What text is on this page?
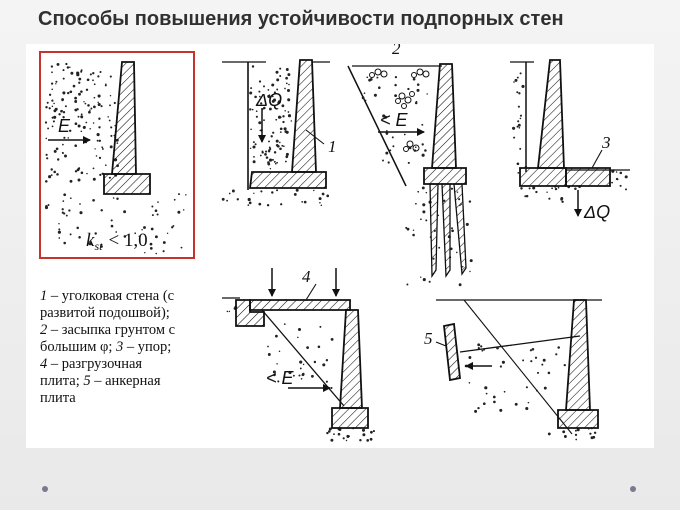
Способы повышения устойчивости подпорных стен
E
$k_{st} < 1,0$
ΔQ
1
< E
2
ΔQ
3
< E
4
5
1 – уголковая стена (с
развитой подошвой);
2 – засыпка грунтом с
большим φ; 3 – упор;
4 – разгрузочная
плита; 5 – анкерная
плита
